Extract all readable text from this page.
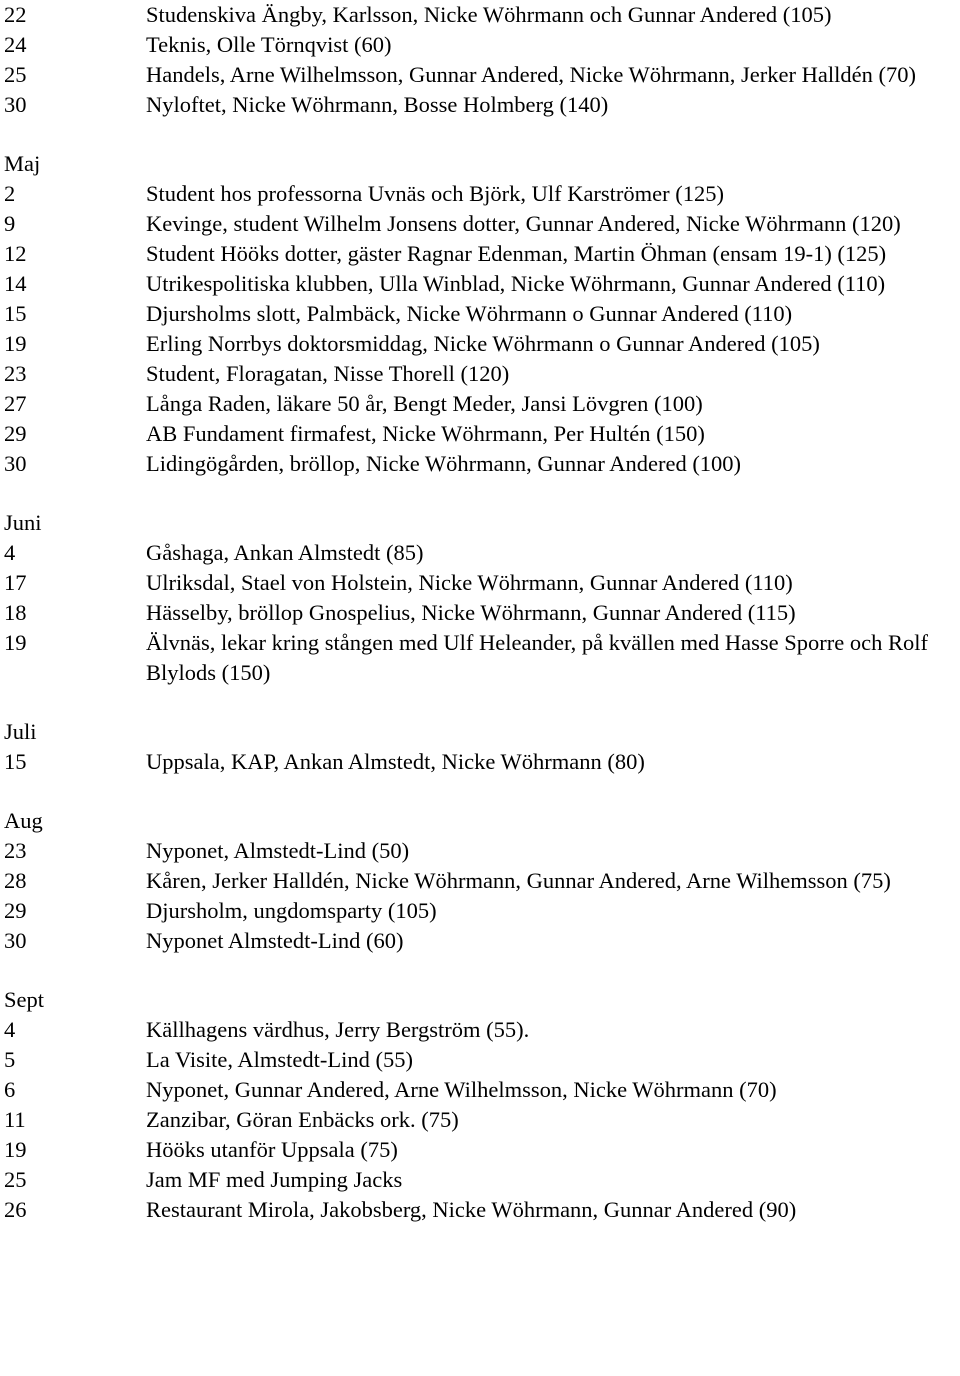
22	Studenskiva Ängby, Karlsson, Nicke Wöhrmann och Gunnar Andered (105)
24	Teknis, Olle Törnqvist (60)
25	Handels, Arne Wilhelmsson, Gunnar Andered, Nicke Wöhrmann, Jerker Halldén (70)
30	Nyloftet, Nicke Wöhrmann, Bosse Holmberg (140)
Maj
2	Student hos professorna Uvnäs och Björk, Ulf Karströmer (125)
9	Kevinge, student Wilhelm Jonsens dotter, Gunnar Andered, Nicke Wöhrmann (120)
12	Student Hööks dotter, gäster Ragnar Edenman, Martin Öhman (ensam 19-1) (125)
14	Utrikespolitiska klubben, Ulla Winblad, Nicke Wöhrmann, Gunnar Andered (110)
15	Djursholms slott, Palmbäck, Nicke Wöhrmann o Gunnar Andered (110)
19	Erling Norrbys doktorsmiddag, Nicke Wöhrmann o Gunnar Andered (105)
23	Student, Floragatan, Nisse Thorell (120)
27	Långa Raden, läkare 50 år, Bengt Meder, Jansi Lövgren (100)
29	AB Fundament firmafest, Nicke Wöhrmann, Per Hultén (150)
30	Lidingögården, bröllop, Nicke Wöhrmann, Gunnar Andered (100)
Juni
4	Gåshaga, Ankan Almstedt (85)
17	Ulriksdal, Stael von Holstein, Nicke Wöhrmann, Gunnar Andered (110)
18	Hässelby, bröllop Gnospelius, Nicke Wöhrmann, Gunnar Andered (115)
19	Älvnäs, lekar kring stången med Ulf Heleander, på kvällen med Hasse Sporre och Rolf Blylods (150)
Juli
15	Uppsala, KAP, Ankan Almstedt, Nicke Wöhrmann (80)
Aug
23	Nyponet, Almstedt-Lind (50)
28	Kåren, Jerker Halldén, Nicke Wöhrmann, Gunnar Andered, Arne Wilhemsson (75)
29	Djursholm, ungdomsparty (105)
30	Nyponet Almstedt-Lind (60)
Sept
4	Källhagens värdhus, Jerry Bergström (55).
5	La Visite, Almstedt-Lind (55)
6	Nyponet, Gunnar Andered, Arne Wilhelmsson, Nicke Wöhrmann (70)
11	Zanzibar, Göran Enbäcks ork. (75)
19	Hööks utanför Uppsala (75)
25	Jam MF med Jumping Jacks
26	Restaurant Mirola, Jakobsberg, Nicke Wöhrmann, Gunnar Andered (90)
